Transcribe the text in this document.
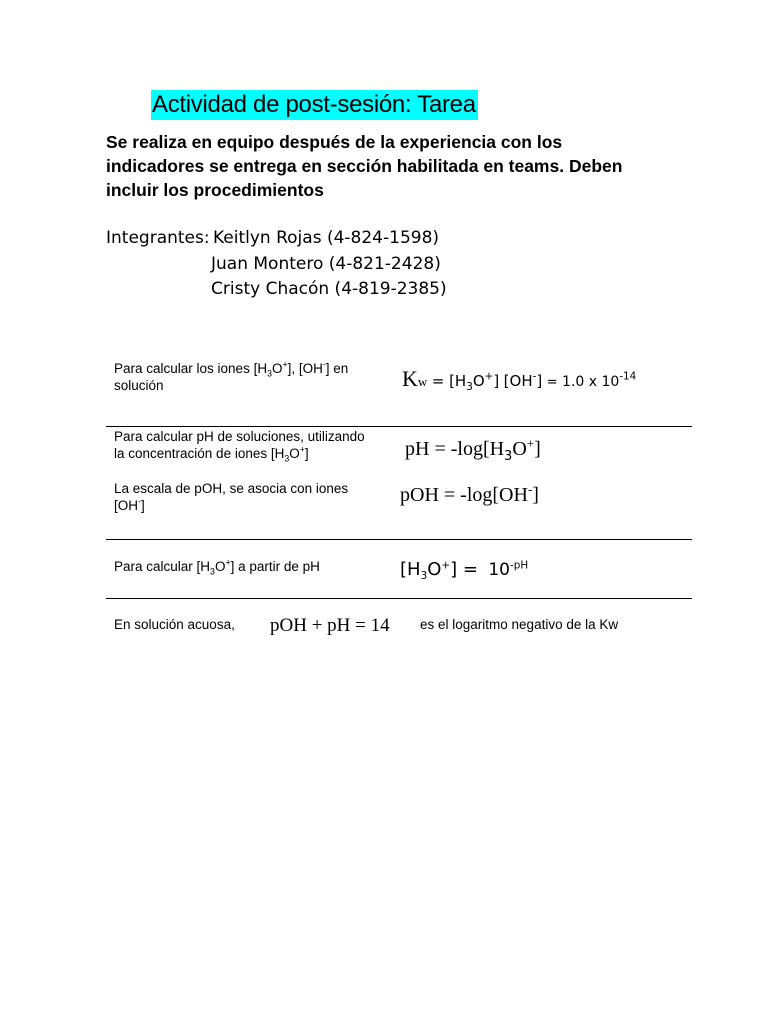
Actividad de post-sesión: Tarea
Se realiza en equipo después de la experiencia con los
indicadores se entrega en sección habilitada en teams. Deben
incluir los procedimientos
Integrantes: Keitlyn Rojas (4-824-1598)
Juan Montero (4-821-2428)
Cristy Chacón (4-819-2385)
Para calcular los iones $[H_3O^+]$, [OH-] en
solución	$Kw = [H_3O^+] [OH^-] = 1.0$ x $10^{-14}$
Para calcular pH de soluciones, utilizando
la concentración de iones $[H_3O^+]$	pH = $-\log[H_3O^+]$
La escala de pOH, se asocia con iones
[OH-]	pOH = -log[OH-]
Para calcular $[H_3O^+]$ a partir de pH	$[H_3O^+] = 10^{-pH}$
En solución acuosa, pOH + pH = 14 es el logaritmo negativo de la Kw
